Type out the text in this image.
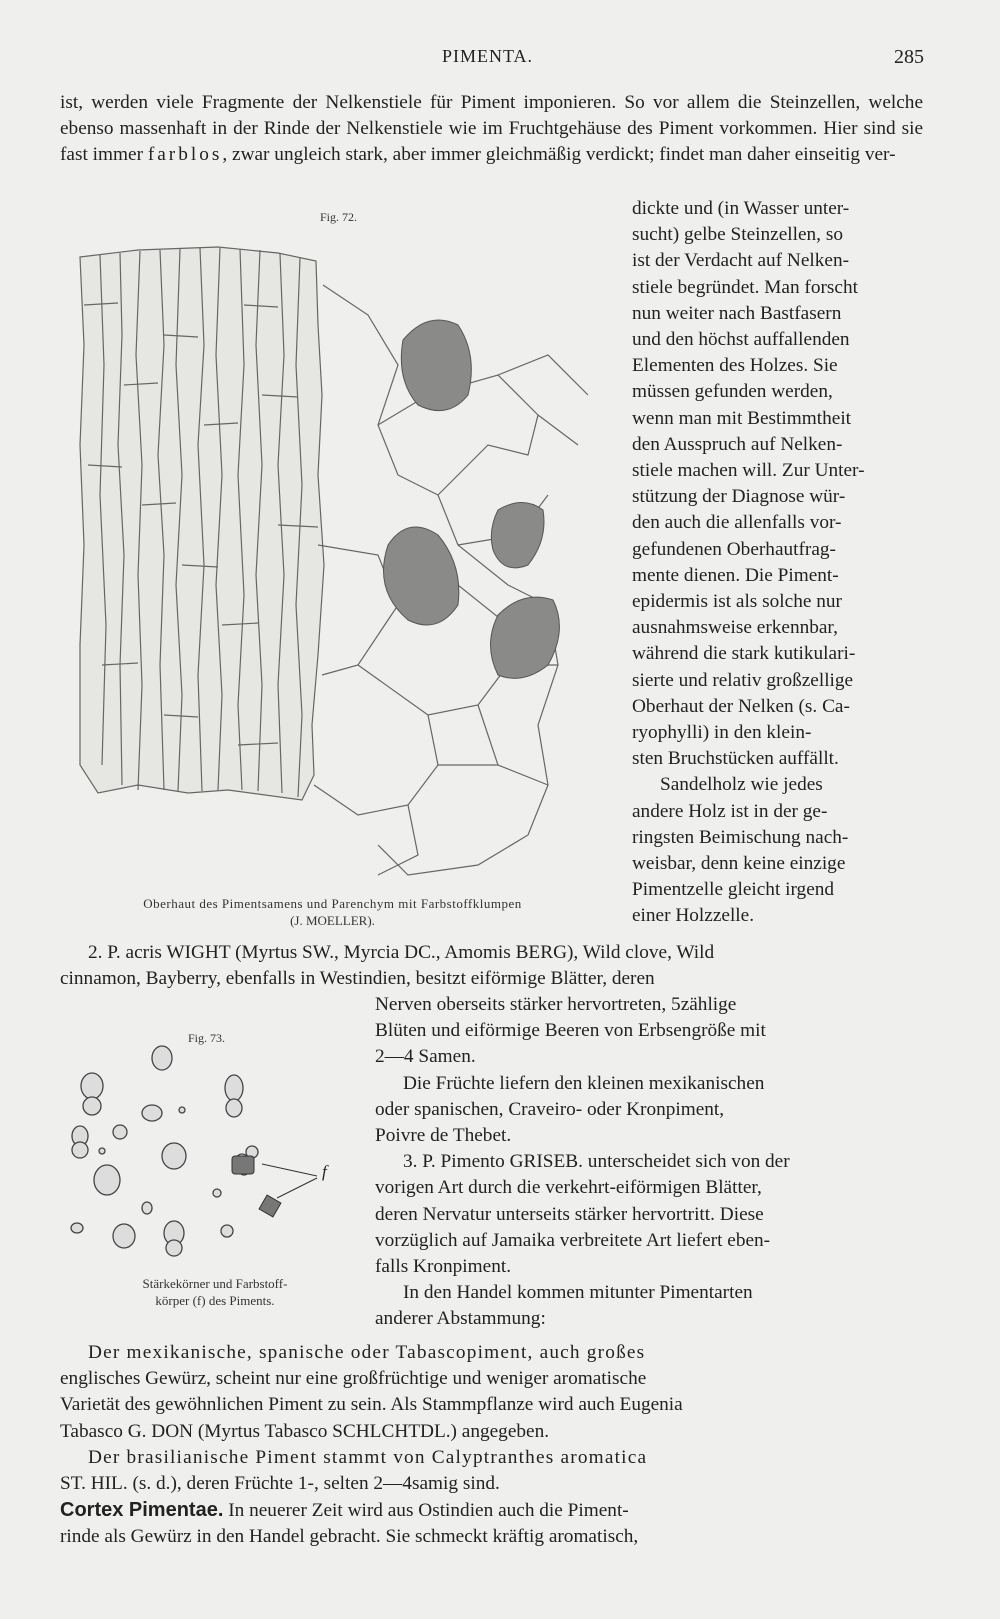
PIMENTA.	285
ist, werden viele Fragmente der Nelkenstiele für Piment imponieren. So vor allem die Steinzellen, welche ebenso massenhaft in der Rinde der Nelkenstiele wie im Fruchtgehäuse des Piment vorkommen. Hier sind sie fast immer farblos, zwar ungleich stark, aber immer gleichmäßig verdickt; findet man daher einseitig ver-
Fig. 72.
Oberhaut des Pimentsamens und Parenchym mit Farbstoffklumpen
(J. MOELLER).
dickte und (in Wasser unter-
sucht) gelbe Steinzellen, so
ist der Verdacht auf Nelken-
stiele begründet. Man forscht
nun weiter nach Bastfasern
und den höchst auffallenden
Elementen des Holzes. Sie
müssen gefunden werden,
wenn man mit Bestimmtheit
den Ausspruch auf Nelken-
stiele machen will. Zur Unter-
stützung der Diagnose wür-
den auch die allenfalls vor-
gefundenen Oberhautfrag-
mente dienen. Die Piment-
epidermis ist als solche nur
ausnahmsweise erkennbar,
während die stark kutikulari-
sierte und relativ großzellige
Oberhaut der Nelken (s. Ca-
ryophylli) in den klein-
sten Bruchstücken auffällt.
Sandelholz wie jedes
andere Holz ist in der ge-
ringsten Beimischung nach-
weisbar, denn keine einzige
Pimentzelle gleicht irgend
einer Holzzelle.
2. P. acris WIGHT (Myrtus SW., Myrcia DC., Amomis BERG), Wild clove, Wild
cinnamon, Bayberry, ebenfalls in Westindien, besitzt eiförmige Blätter, deren
Fig. 73.
f
Stärkekörner und Farbstoff-
körper (f) des Piments.
Nerven oberseits stärker hervortreten, 5zählige
Blüten und eiförmige Beeren von Erbsengröße mit
2—4 Samen.
Die Früchte liefern den kleinen mexikanischen
oder spanischen, Craveiro- oder Kronpiment,
Poivre de Thebet.
3. P. Pimento GRISEB. unterscheidet sich von der
vorigen Art durch die verkehrt-eiförmigen Blätter,
deren Nervatur unterseits stärker hervortritt. Diese
vorzüglich auf Jamaika verbreitete Art liefert eben-
falls Kronpiment.
In den Handel kommen mitunter Pimentarten
anderer Abstammung:
Der mexikanische, spanische oder Tabascopiment, auch großes
englisches Gewürz, scheint nur eine großfrüchtige und weniger aromatische
Varietät des gewöhnlichen Piment zu sein. Als Stammpflanze wird auch Eugenia
Tabasco G. DON (Myrtus Tabasco SCHLCHTDL.) angegeben.
Der brasilianische Piment stammt von Calyptranthes aromatica
ST. HIL. (s. d.), deren Früchte 1-, selten 2—4samig sind.
Cortex Pimentae. In neuerer Zeit wird aus Ostindien auch die Piment-
rinde als Gewürz in den Handel gebracht. Sie schmeckt kräftig aromatisch,
